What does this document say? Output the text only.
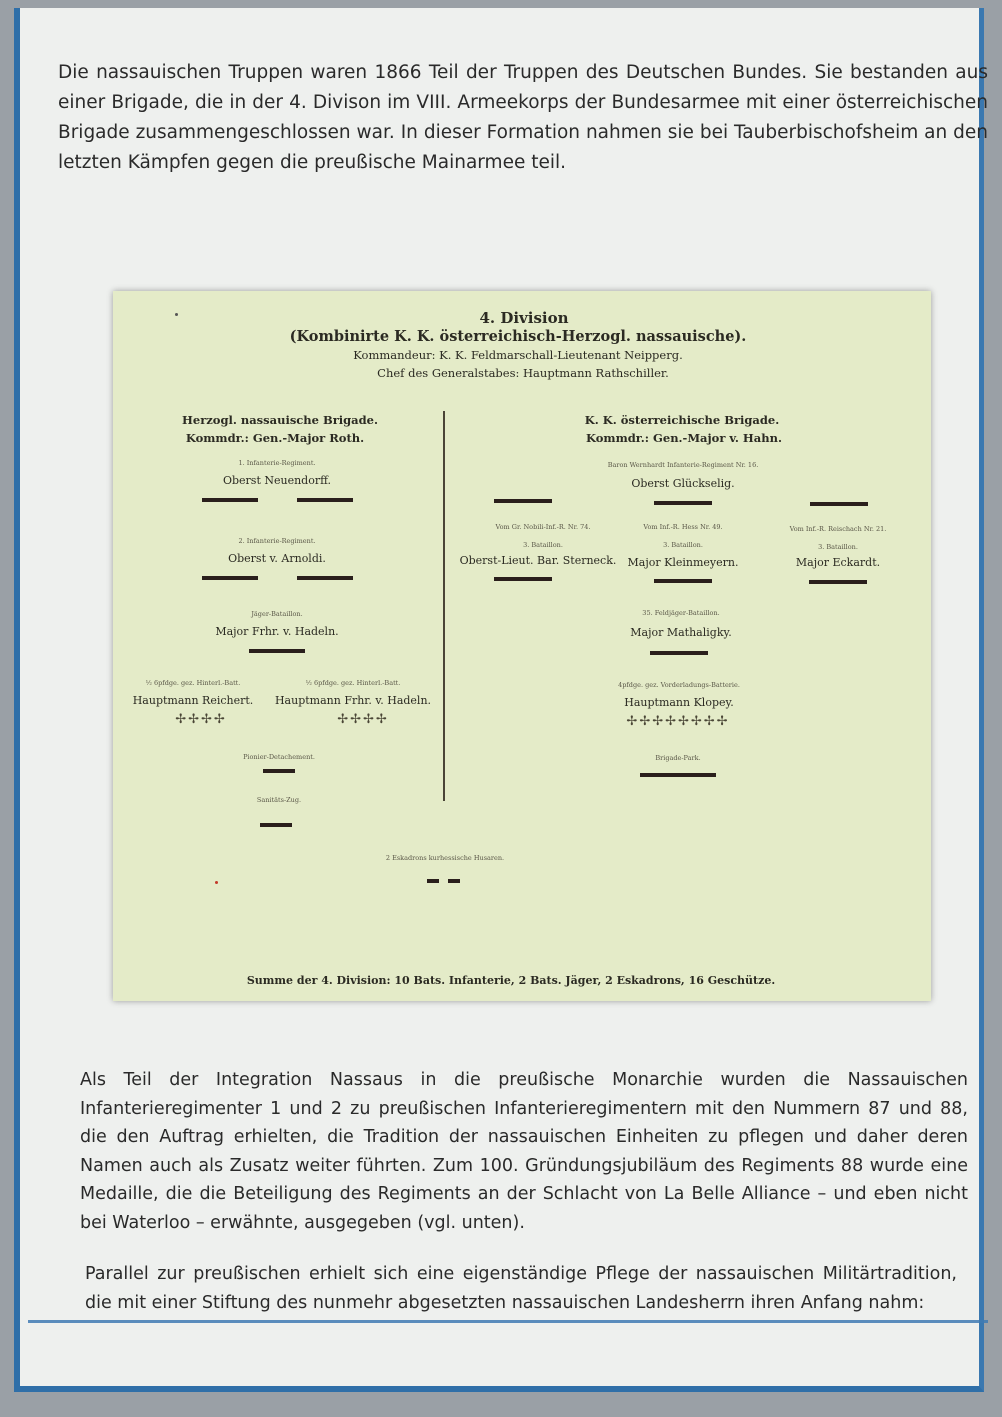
Die nassauischen Truppen waren 1866 Teil der Truppen des Deutschen Bundes. Sie bestanden aus einer Brigade, die in der 4. Divison im VIII. Armeekorps der Bundesarmee mit einer österreichischen Brigade zusammengeschlossen war. In dieser Formation nahmen sie bei Tauberbischofsheim an den letzten Kämpfen gegen die preußische Mainarmee teil.

4. Division
(Kombinirte K. K. österreichisch-Herzogl. nassauische).
Kommandeur: K. K. Feldmarschall-Lieutenant Neipperg.
Chef des Generalstabes: Hauptmann Rathschiller.
Herzogl. nassauische Brigade.
Kommdr.: Gen.-Major Roth.
1. Infanterie-Regiment.
Oberst Neuendorff.
2. Infanterie-Regiment.
Oberst v. Arnoldi.
Jäger-Bataillon.
Major Frhr. v. Hadeln.
½ 6pfdge. gez. Hinterl.-Batt.
Hauptmann Reichert.
✢✢✢✢
½ 6pfdge. gez. Hinterl.-Batt.
Hauptmann Frhr. v. Hadeln.
✢✢✢✢
Pionier-Detachement.
Sanitäts-Zug.
K. K. österreichische Brigade.
Kommdr.: Gen.-Major v. Hahn.
Baron Wernhardt Infanterie-Regiment Nr. 16.
Oberst Glückselig.
Vom Gr. Nobili-Inf.-R. Nr. 74.
3. Bataillon.
Oberst-Lieut. Bar. Sterneck.
Vom Inf.-R. Hess Nr. 49.
3. Bataillon.
Major Kleinmeyern.
Vom Inf.-R. Reischach Nr. 21.
3. Bataillon.
Major Eckardt.
35. Feldjäger-Bataillon.
Major Mathaligky.
4pfdge. gez. Vorderladungs-Batterie.
Hauptmann Klopey.
✢✢✢✢✢✢✢✢
Brigade-Park.
2 Eskadrons kurhessische Husaren.
Summe der 4. Division: 10 Bats. Infanterie, 2 Bats. Jäger, 2 Eskadrons, 16 Geschütze.

Als Teil der Integration Nassaus in die preußische Monarchie wurden die Nassauischen Infanterieregimenter 1 und 2 zu preußischen Infanterieregimentern mit den Nummern 87 und 88, die den Auftrag erhielten, die Tradition der nassauischen Einheiten zu pflegen und daher deren Namen auch als Zusatz weiter führten. Zum 100. Gründungsjubiläum des Regiments 88 wurde eine Medaille, die die Beteiligung des Regiments an der Schlacht von La Belle Alliance – und eben nicht bei Waterloo – erwähnte, ausgegeben (vgl. unten).

Parallel zur preußischen erhielt sich eine eigenständige Pflege der nassauischen Militärtradition, die mit einer Stiftung des nunmehr abgesetzten nassauischen Landesherrn ihren Anfang nahm:
